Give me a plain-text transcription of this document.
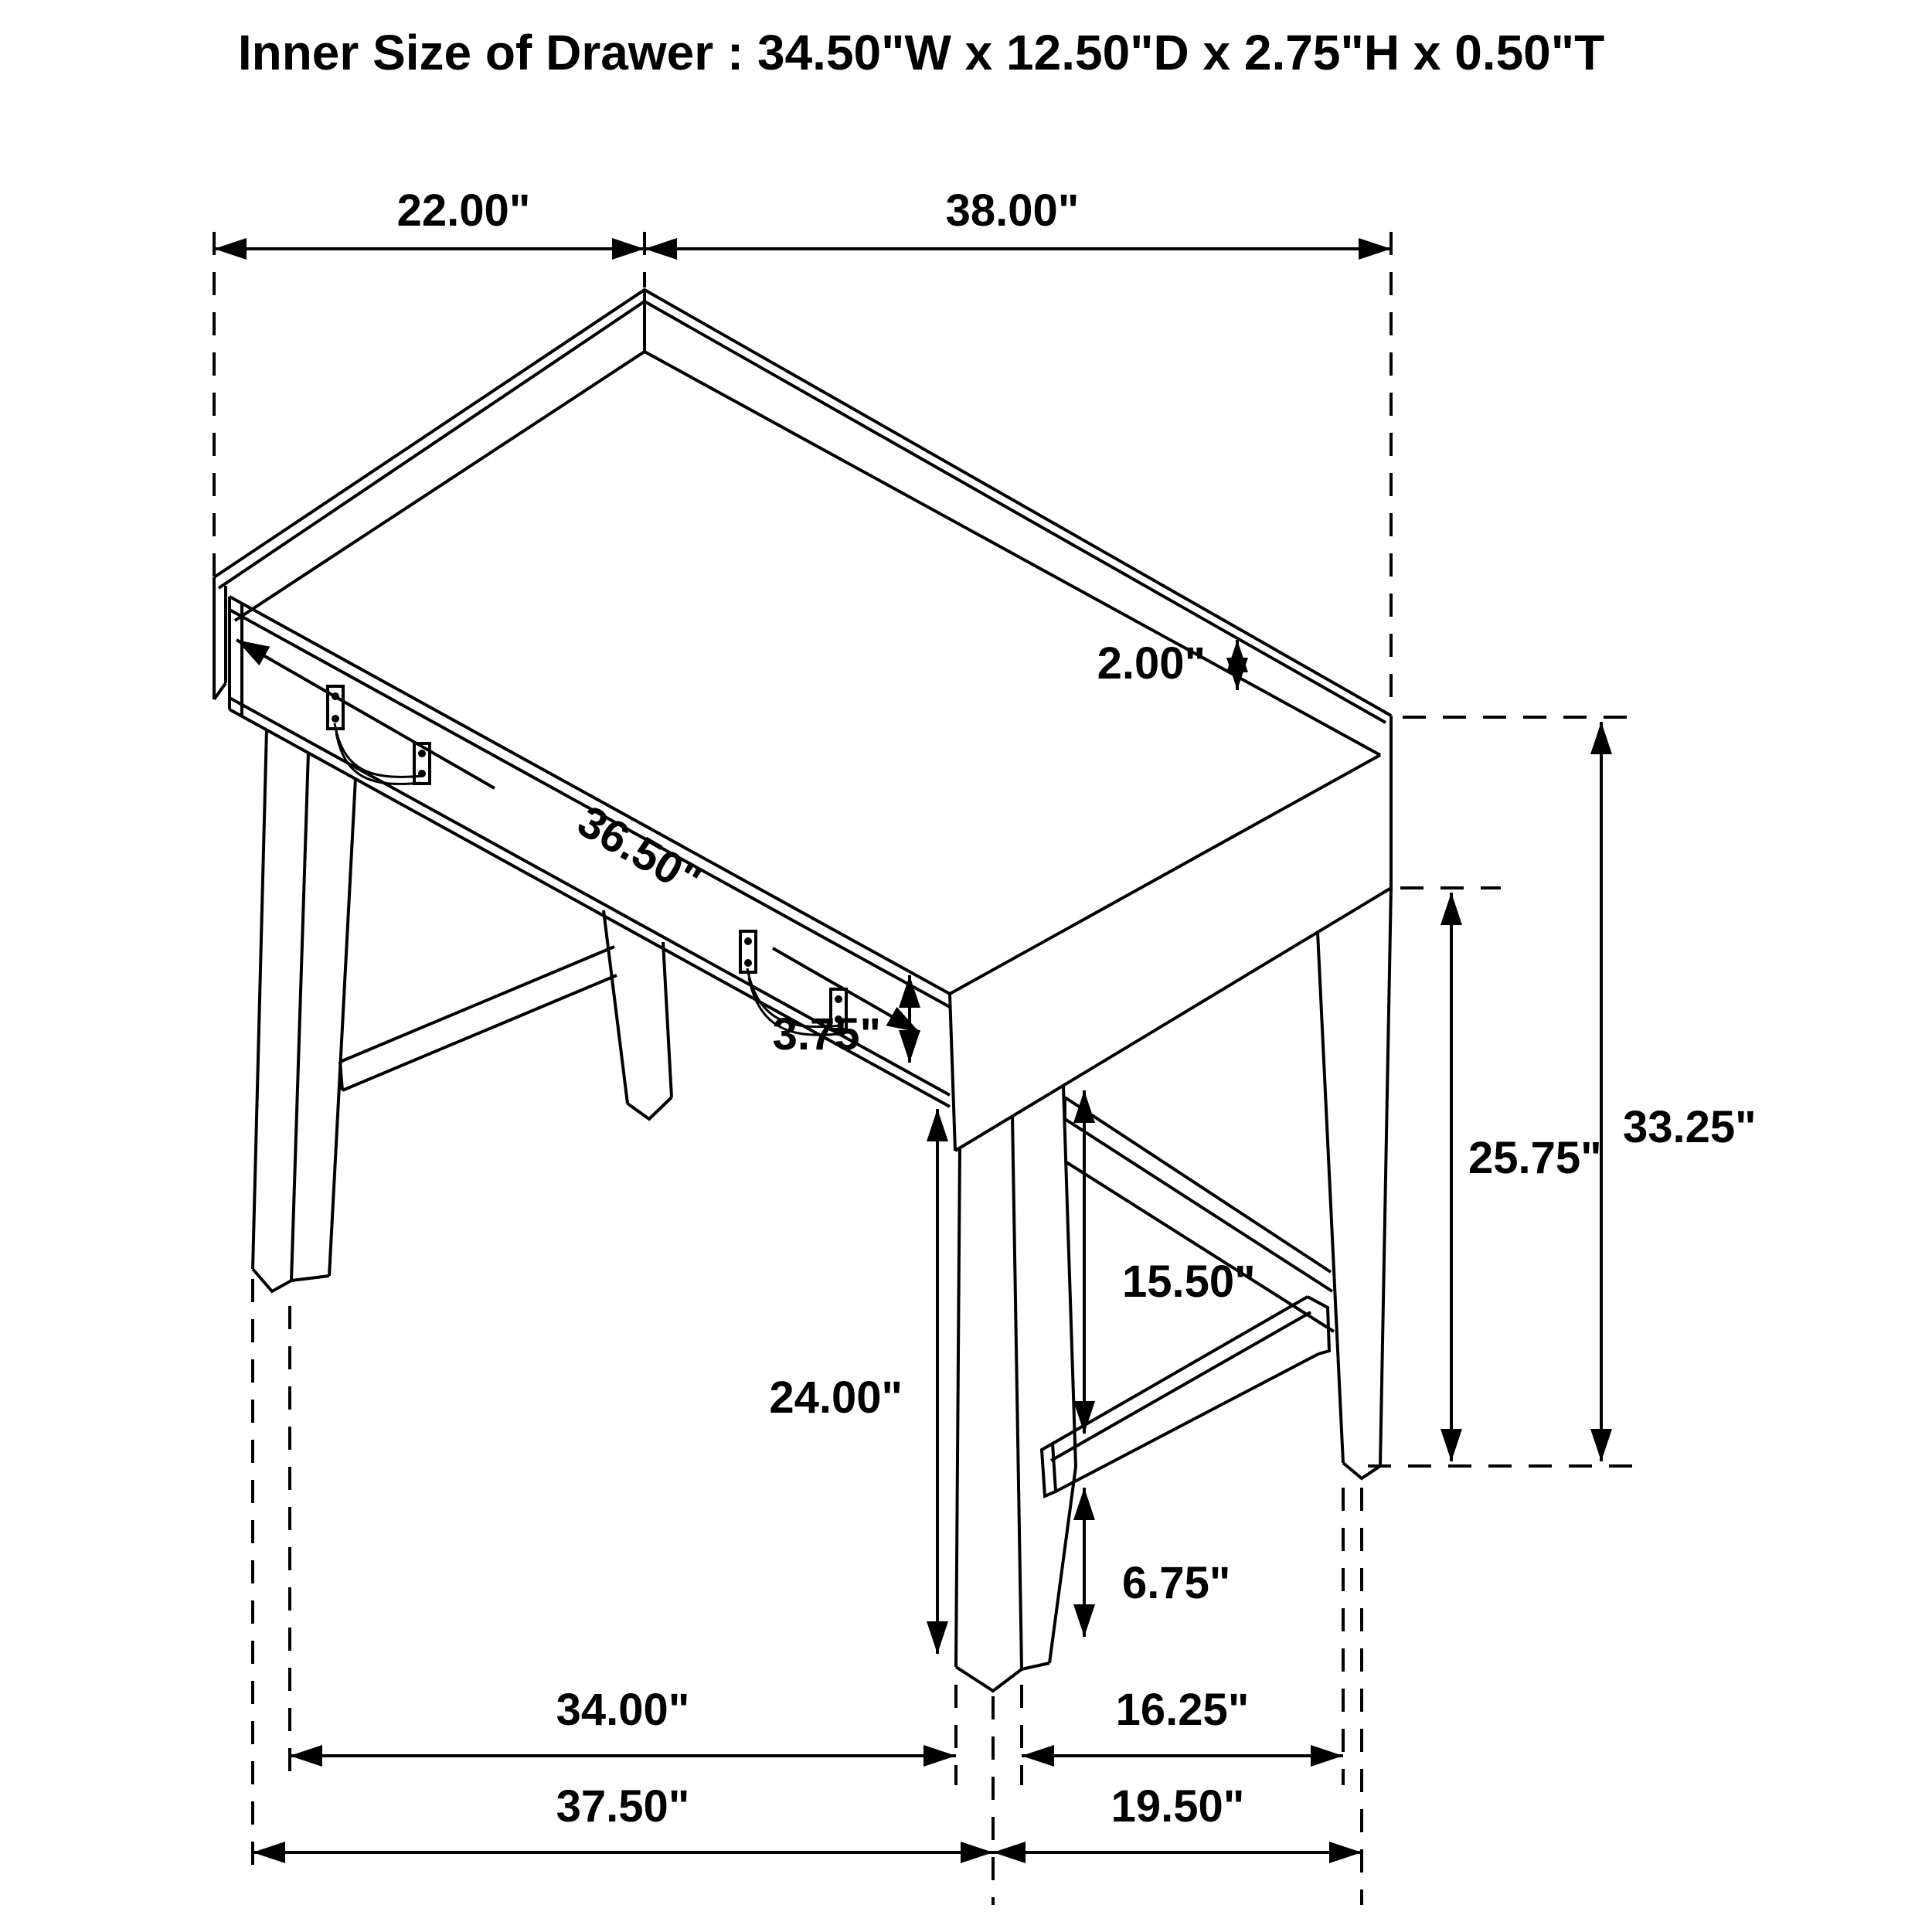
Inner Size of Drawer : 34.50"W x 12.50"D x 2.75"H x 0.50"T
22.00"	38.00"
2.00"
36.50"
3.75"
24.00"
15.50"
6.75"
25.75"
33.25"
34.00"	16.25"
37.50"	19.50"
